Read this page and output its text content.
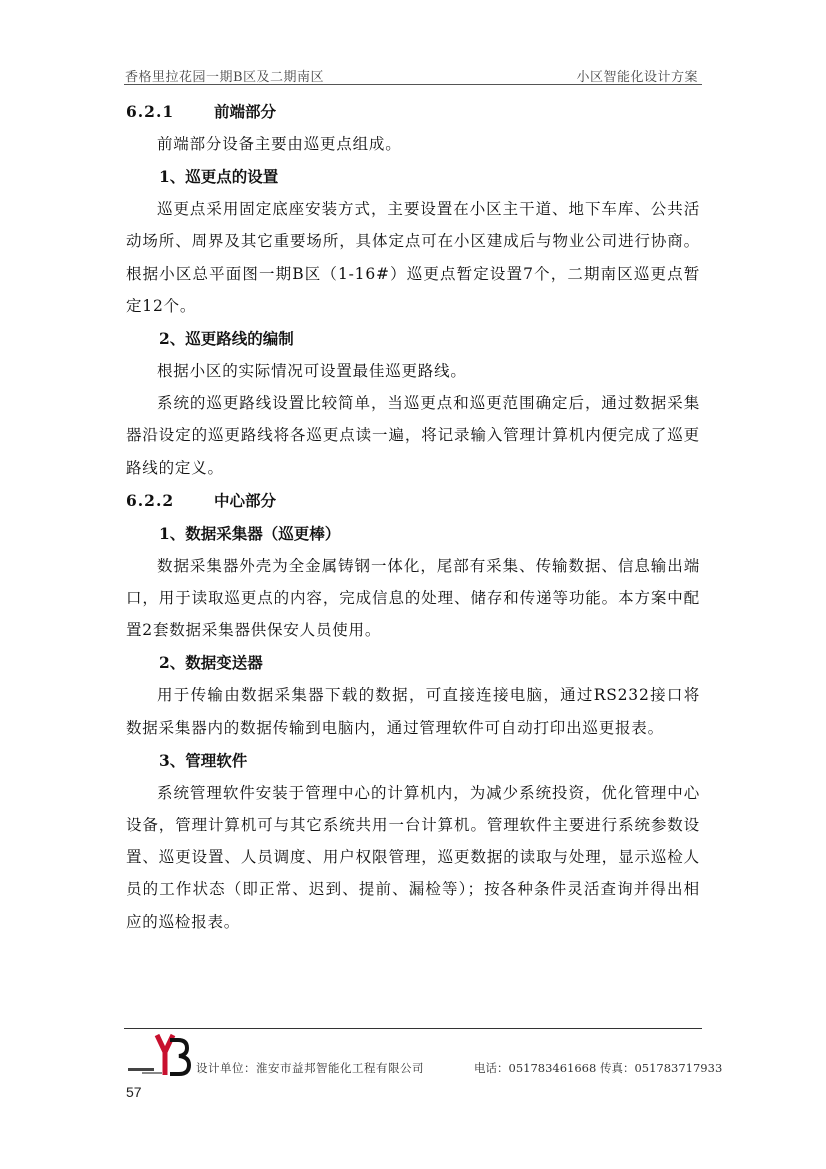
香格里拉花园一期B区及二期南区	小区智能化设计方案
6.2.1	前端部分

前端部分设备主要由巡更点组成。

1、巡更点的设置

巡更点采用固定底座安装方式，主要设置在小区主干道、地下车库、公共活动场所、周界及其它重要场所，具体定点可在小区建成后与物业公司进行协商。根据小区总平面图一期B区（1-16#）巡更点暂定设置7个，二期南区巡更点暂定12个。

2、巡更路线的编制

根据小区的实际情况可设置最佳巡更路线。

系统的巡更路线设置比较简单，当巡更点和巡更范围确定后，通过数据采集器沿设定的巡更路线将各巡更点读一遍，将记录输入管理计算机内便完成了巡更路线的定义。

6.2.2	中心部分
1、数据采集器（巡更棒）

数据采集器外壳为全金属铸钢一体化，尾部有采集、传输数据、信息输出端口，用于读取巡更点的内容，完成信息的处理、储存和传递等功能。本方案中配置2套数据采集器供保安人员使用。

2、数据变送器

用于传输由数据采集器下载的数据，可直接连接电脑，通过RS232接口将数据采集器内的数据传输到电脑内，通过管理软件可自动打印出巡更报表。

3、管理软件

系统管理软件安装于管理中心的计算机内，为减少系统投资，优化管理中心设备，管理计算机可与其它系统共用一台计算机。管理软件主要进行系统参数设置、巡更设置、人员调度、用户权限管理，巡更数据的读取与处理，显示巡检人员的工作状态（即正常、迟到、提前、漏检等）；按各种条件灵活查询并得出相应的巡检报表。

设计单位：淮安市益邦智能化工程有限公司	电话：051783461668 传真：051783717933
57
